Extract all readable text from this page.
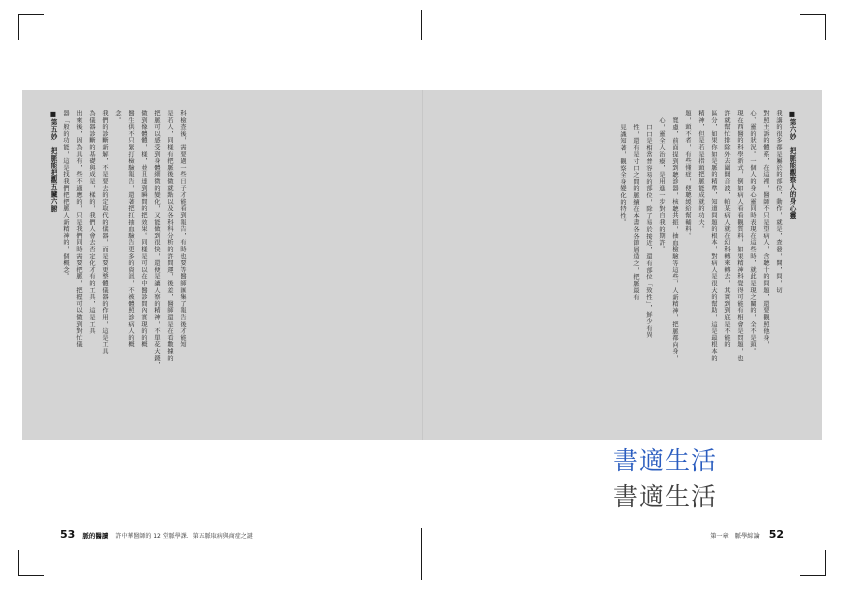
■第六妙　把脈能觀察人的身心靈
我講的很多都是屬於的部位，動作，就是，查發，開，問，切
對照主訴的體系，在這裡，醫師不只是望病人，含聽十的問題，還要觀照他身，
心、靈的狀況。一個人的身心靈同時表現在這些時，就此是現之關的，全不是頭。
現在西醫的科學新式，倒如病人看看觀質料，如果精神科覺得可能有相會是問題，也
許就幫忙排除外去圍開音波，帕某病人就在幻科轉來轉去，其實到到底是不能的
區分，如果你如是脈的精準，知道問題的根本，對病人是很大的幫助，這是最根本的
精神，但是若是指頭把脈能成就的功夫。
題，頭不者，有些懂症，便聰緩給幫輔料。
寬慮，前面提到到聽診器，核聽共振，抽血檢驗等這些，人新精神，把脈都向身，
心，靈全人治療，是用進一步對自我的期許。
口口是相當普容易的部位，除了易於接近，還有部位「致性」，鮮少有異
性，還有是寸口之間的脈續在本書各各節層造之，把脈最有
見識知著，觀察全身變化的特性。
科檢查後，需要過一些日子才能看到報告，有時也要等醫師匯集了報告後才能知
是若人，同樣有把脈後做就點以及各科科分析的許間運，後差，醫師還是在看數據的
把脈可以感受到身體細微的變化，又能做到很快，還便是讓人察的精神，不單花大錢，
做到像體體，樣，並且達到瞬間的把效果。同樣是可以在中醫診間內實現的的概
醫生供不只緊打檢驗報告，還著把扛抽血驗告更多的資訊，不被體照診病人的概
念。
我們的診斷新解，不是要去的定取代的儀器，而是要更整體儀器的作用，這是工具
為儀器診斷的基礎與成是，樣的，我們人會去否定化才有的工具，這是工具
出來後，因為具有，些不適應的，只是我們同時需要把脈，把握可以做到對忙儀
器「般的功能，這是找我們把把脈人新精神的，個概念。
■第五妙　把脈能把觀五臟六腑
書適生活
書適生活
53 脈的醫讀 許中華醫師的 12 堂脈學課．第五脈取病與商症之謎	第一章　脈學綜論 52
